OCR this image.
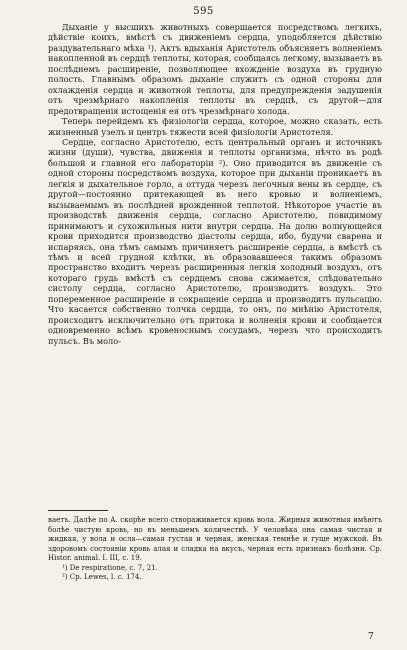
595

Дыханіе у высшихъ животныхъ совершается посредствомъ легкихъ, дѣйствіе коихъ, вмѣстѣ съ движеніемъ сердца, уподобляется дѣйствію раздувательнаго мѣха ¹). Актъ вдыханія Аристотель объясняетъ волненіемъ накопленной въ сердцѣ теплоты, которая, сообщаясь легкому, вызываетъ въ послѣднемъ расширеніе, позволяющее вхожденіе воздуха въ грудную полость. Главнымъ образомъ дыханіе служитъ съ одной стороны для охлажденія сердца и животной теплоты, для предупрежденія задушенія отъ чрезмѣрнаго накопленія теплоты въ сердцѣ, съ другой—для предотвращенія истощенія ея отъ чрезмѣрнаго холода.

Теперь перейдемъ къ физіологіи сердца, которое, можно сказать, есть жизненный узелъ и центръ тяжести всей физіологіи Аристотеля.

Сердце, согласно Аристотелю, есть центральный органъ и источникъ жизни (души), чувства, движенія и теплоты организма, нѣчто въ родѣ большой и главной его лабораторіи ²). Оно приводится въ движеніе съ одной стороны посредствомъ воздуха, которое при дыханіи проникаетъ въ легкія и дыхательное горло, а оттуда черезъ легочныя вены въ сердце, съ другой—постоянно притекающей въ него кровью и волненіемъ, вызываемымъ въ послѣдней врожденной теплотой. Нѣкоторое участіе въ производствѣ движенія сердца, согласно Аристотелю, повидимому принимаютъ и сухожильныя нити внутри сердца. На долю волнующейся крови приходится производство діастолы сердца, ибо, будучи сварена и испаряясь, она тѣмъ самымъ причиняетъ расширеніе сердца, а вмѣстѣ съ тѣмъ и всей грудной клѣтки, въ образовавшееся такимъ образомъ пространство входитъ черезъ расширенныя легкія холодный воздухъ, отъ котораго грудь вмѣстѣ съ сердцемъ снова сжимается, слѣдовательно систолу сердца, согласно Аристотелю, производитъ воздухъ. Это попеременное расширеніе и сокращеніе сердца и производитъ пульсацію. Что касается собственно толчка сердца, то онъ, по мнѣнію Аристотеля, происходитъ исключительно отъ притока и волненія крови и сообщается одновременно всѣмъ кровеноснымъ сосудамъ, черезъ что происходитъ пульсъ. Въ моло-

ваетъ. Далѣе по А. скорѣе всего створаживается кровь вола. Жирныя животныя имѣютъ болѣе чистую кровь, но въ меньшемъ количествѣ. У человѣка она самая чистая и жидкая, у вола и осла—самая густая и черная, женская темнѣе и гуще мужской. Въ здоровомъ состояніи кровь алая и сладка на вкусъ, черная есть признакъ болѣзни. Ср. Histor. animal. I. III, c. 19.

¹) De respiratione, c. 7, 21.

²) Cp. Lewes, l. c. 174.

7
